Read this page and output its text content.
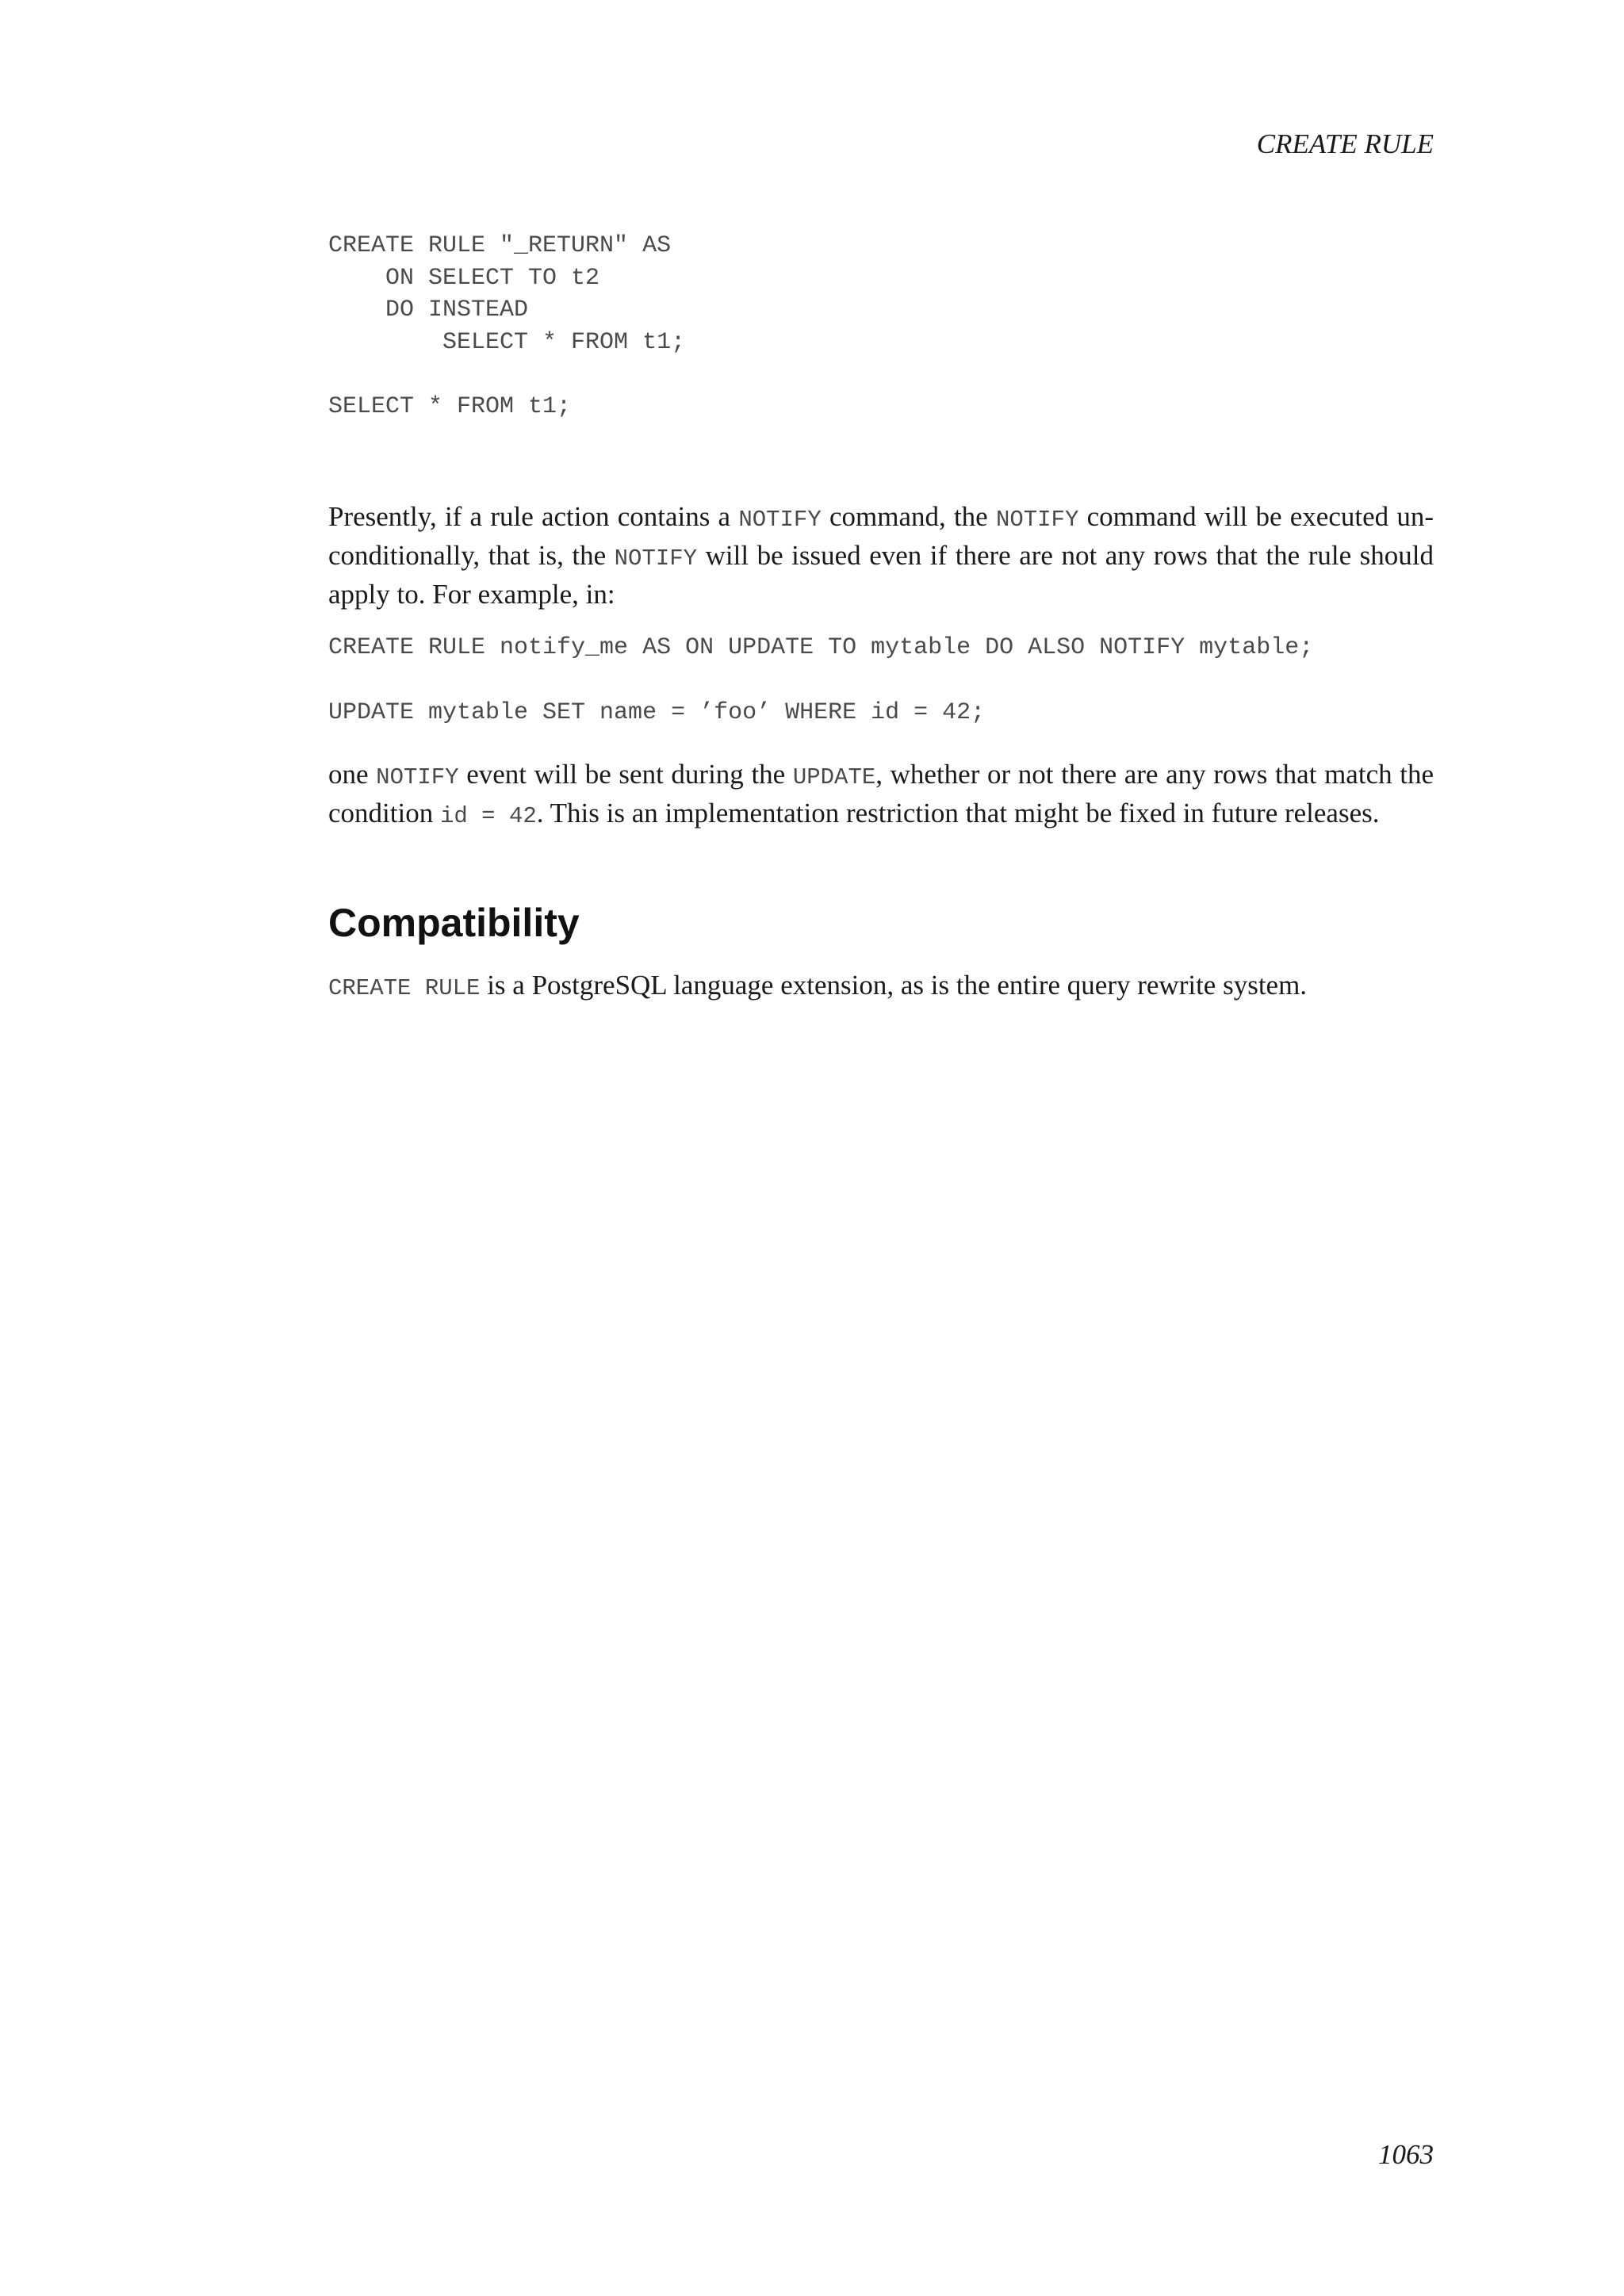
CREATE RULE
CREATE RULE "_RETURN" AS
ON SELECT TO t2
DO INSTEAD
SELECT * FROM t1;

SELECT * FROM t1;

Presently, if a rule action contains a NOTIFY command, the NOTIFY command will be executed un-conditionally, that is, the NOTIFY will be issued even if there are not any rows that the rule should apply to. For example, in:

CREATE RULE notify_me AS ON UPDATE TO mytable DO ALSO NOTIFY mytable;
UPDATE mytable SET name = ’foo’ WHERE id = 42;

one NOTIFY event will be sent during the UPDATE, whether or not there are any rows that match the condition id = 42. This is an implementation restriction that might be fixed in future releases.

Compatibility

CREATE RULE is a PostgreSQL language extension, as is the entire query rewrite system.

1063
